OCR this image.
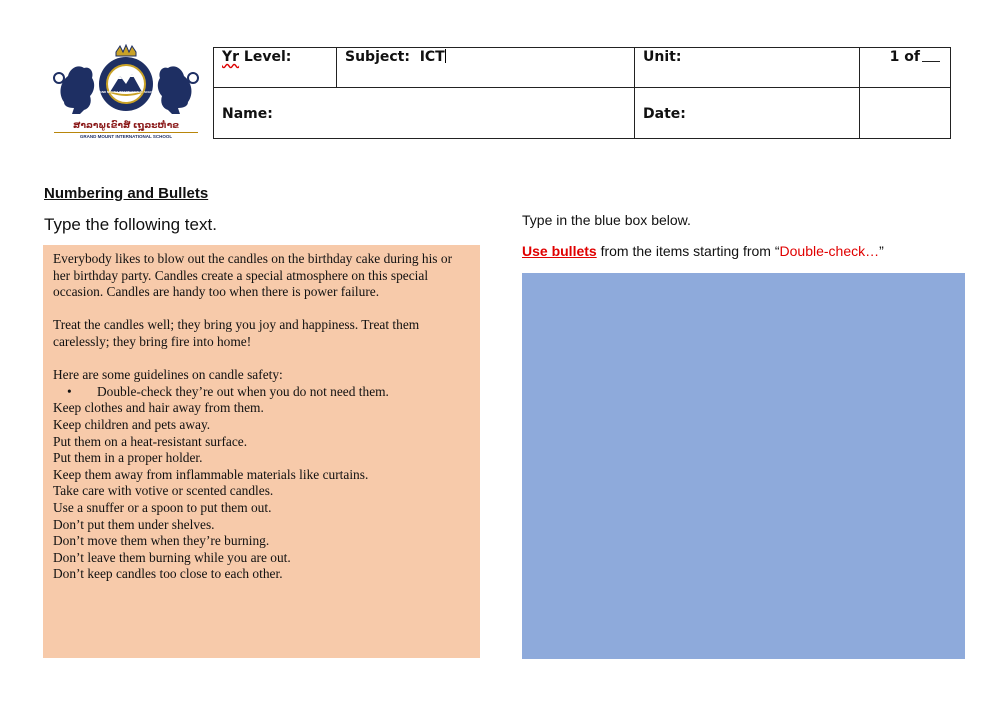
GRAND MOUNT INTERNATIONAL SCHOOL
ສາລາພູເຂົາສ໌ ເຖຼຸລະຫ໋າຂ
GRAND MOUNT INTERNATIONAL SCHOOL
Yr Level:	Subject:  ICT	Unit:	1 of
Name:		Date:	
Numbering and Bullets
Type the following text.

Everybody likes to blow out the candles on the birthday cake during his or her birthday party. Candles create a special atmosphere on this special occasion. Candles are handy too when there is power failure.

Treat the candles well; they bring you joy and happiness. Treat them carelessly; they bring fire into home!

Here are some guidelines on candle safety:
• Double-check they’re out when you do not need them.
Keep clothes and hair away from them.
Keep children and pets away.
Put them on a heat-resistant surface.
Put them in a proper holder.
Keep them away from inflammable materials like curtains.
Take care with votive or scented candles.
Use a snuffer or a spoon to put them out.
Don’t put them under shelves.
Don’t move them when they’re burning.
Don’t leave them burning while you are out.
Don’t keep candles too close to each other.
Type in the blue box below.
Use bullets from the items starting from “Double-check…”
